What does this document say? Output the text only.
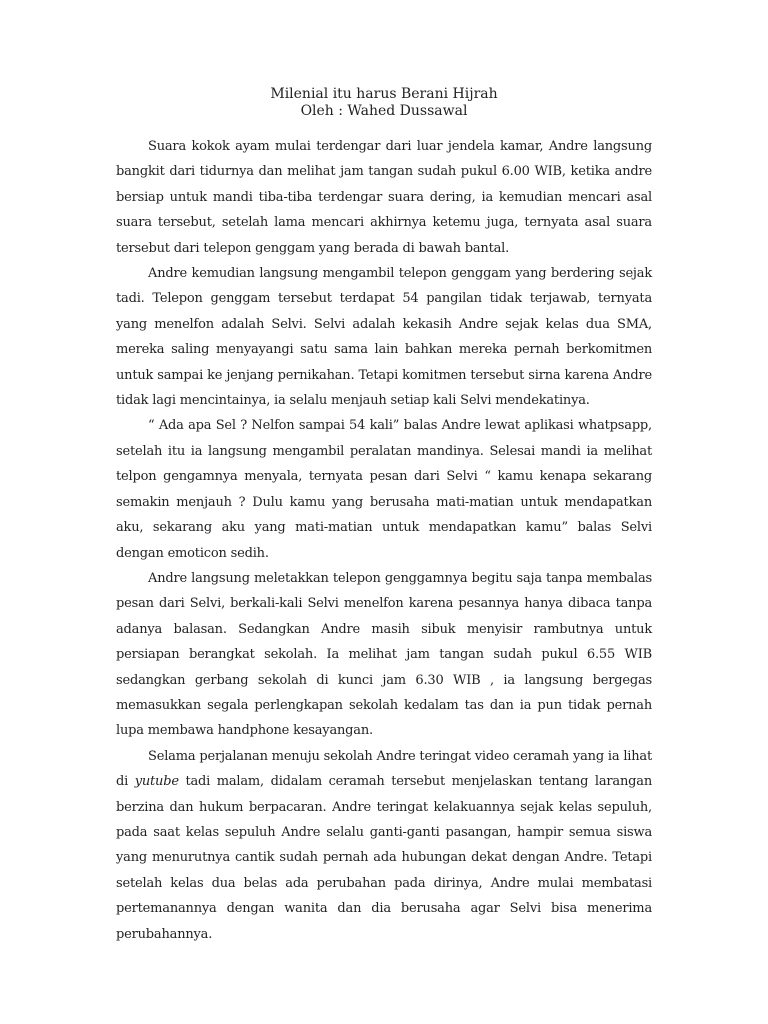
Milenial itu harus Berani Hijrah
Oleh : Wahed Dussawal

Suara kokok ayam mulai terdengar dari luar jendela kamar, Andre langsung bangkit dari tidurnya dan melihat jam tangan sudah pukul 6.00 WIB, ketika andre bersiap untuk mandi tiba-tiba terdengar suara dering, ia kemudian mencari asal suara tersebut, setelah lama mencari akhirnya ketemu juga, ternyata asal suara tersebut dari telepon genggam yang berada di bawah bantal.

Andre kemudian langsung mengambil telepon genggam yang berdering sejak tadi. Telepon genggam tersebut terdapat 54 pangilan tidak terjawab, ternyata yang menelfon adalah Selvi. Selvi adalah kekasih Andre sejak kelas dua SMA, mereka saling menyayangi satu sama lain bahkan mereka pernah berkomitmen untuk sampai ke jenjang pernikahan. Tetapi komitmen tersebut sirna karena Andre tidak lagi mencintainya, ia selalu menjauh setiap kali Selvi mendekatinya.

“ Ada apa Sel ? Nelfon sampai 54 kali” balas Andre lewat aplikasi whatpsapp, setelah itu ia langsung mengambil peralatan mandinya. Selesai mandi ia melihat telpon gengamnya menyala, ternyata pesan dari Selvi “ kamu kenapa sekarang semakin menjauh ? Dulu kamu yang berusaha mati-matian untuk mendapatkan aku, sekarang aku yang mati-matian untuk mendapatkan kamu” balas Selvi dengan emoticon sedih.

Andre langsung meletakkan telepon genggamnya begitu saja tanpa membalas pesan dari Selvi, berkali-kali Selvi menelfon karena pesannya hanya dibaca tanpa adanya balasan. Sedangkan Andre masih sibuk menyisir rambutnya untuk persiapan berangkat sekolah. Ia melihat jam tangan sudah pukul 6.55 WIB sedangkan gerbang sekolah di kunci jam 6.30 WIB , ia langsung bergegas memasukkan segala perlengkapan sekolah kedalam tas dan ia pun tidak pernah lupa membawa handphone kesayangan.

Selama perjalanan menuju sekolah Andre teringat video ceramah yang ia lihat di yutube tadi malam, didalam ceramah tersebut menjelaskan tentang larangan berzina dan hukum berpacaran. Andre teringat kelakuannya sejak kelas sepuluh, pada saat kelas sepuluh Andre selalu ganti-ganti pasangan, hampir semua siswa yang menurutnya cantik sudah pernah ada hubungan dekat dengan Andre. Tetapi setelah kelas dua belas ada perubahan pada dirinya, Andre mulai membatasi pertemanannya dengan wanita dan dia berusaha agar Selvi bisa menerima perubahannya.
